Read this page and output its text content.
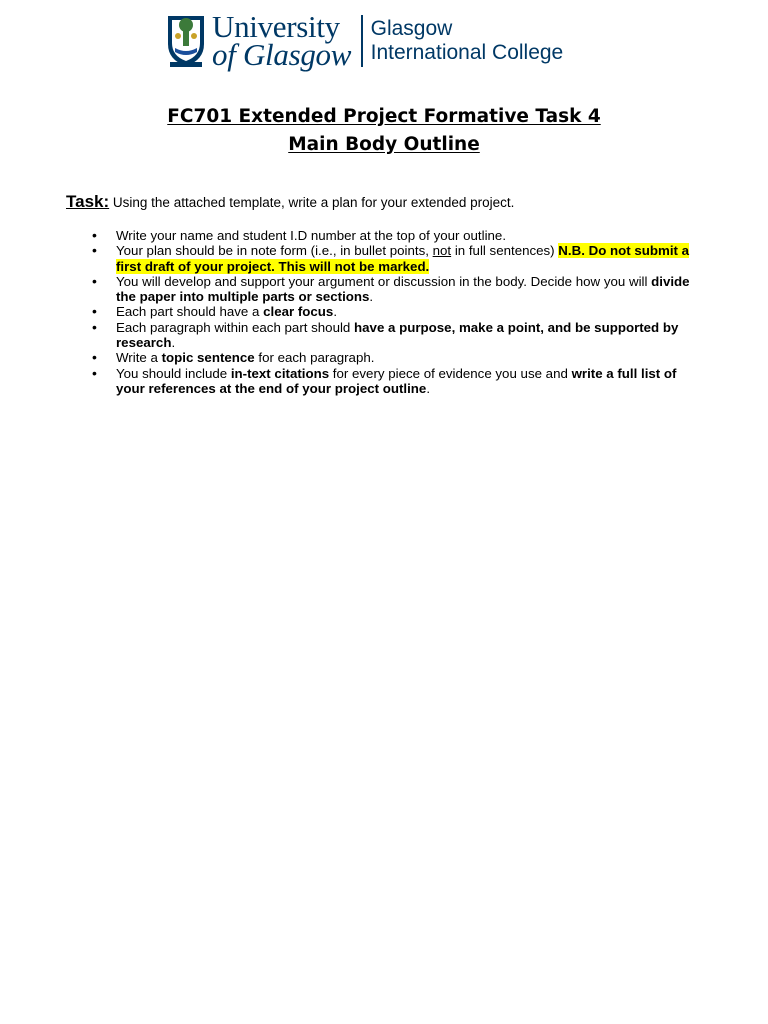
University
of Glasgow
Glasgow
International College
FC701 Extended Project Formative Task 4
Main Body Outline
Task: Using the attached template, write a plan for your extended project.
• Write your name and student I.D number at the top of your outline.
• Your plan should be in note form (i.e., in bullet points, not in full sentences) N.B. Do not submit a first draft of your project. This will not be marked.
• You will develop and support your argument or discussion in the body. Decide how you will divide the paper into multiple parts or sections.
• Each part should have a clear focus.
• Each paragraph within each part should have a purpose, make a point, and be supported by research.
• Write a topic sentence for each paragraph.
• You should include in-text citations for every piece of evidence you use and write a full list of your references at the end of your project outline.
